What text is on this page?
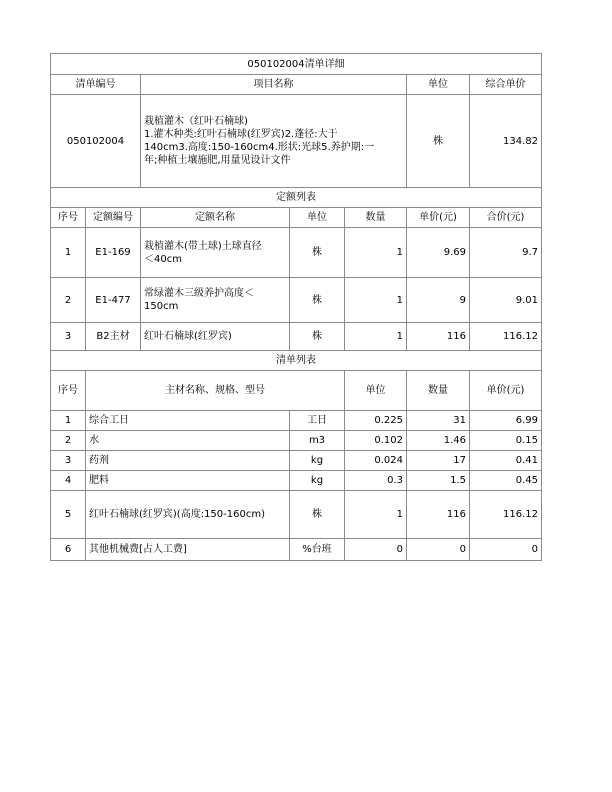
050102004清单详细							
清单编号		项目名称			单位	综合单价	
050102004		栽植灌木（红叶石楠球)
1.灌木种类:红叶石楠球(红罗宾)2.蓬径:大于
140cm3.高度:150-160cm4.形状:光球5.养护期:一
年;种植土壤施肥,用量见设计文件			株	134.82	
定额列表							
序号	定额编号	定额名称	单位	数量	单价(元)	合价(元)	
1	E1-169	栽植灌木(带土球)土球直径
＜40cm	株	1	9.69	9.7	
2	E1-477	常绿灌木三级养护高度＜
150cm	株	1	9	9.01	
3	B2主材	红叶石楠球(红罗宾)	株	1	116	116.12	
清单列表							
序号	主材名称、规格、型号			单位	数量	单价(元)	
1	综合工日	工日	0.225	31	6.99
2	水	m3	0.102	1.46	0.15
3	药剂	kg	0.024	17	0.41
4	肥料	kg	0.3	1.5	0.45
5	红叶石楠球(红罗宾)(高度:150-160cm)	株	1	116	116.12
6	其他机械费[占人工费]	%台班	0	0	0
